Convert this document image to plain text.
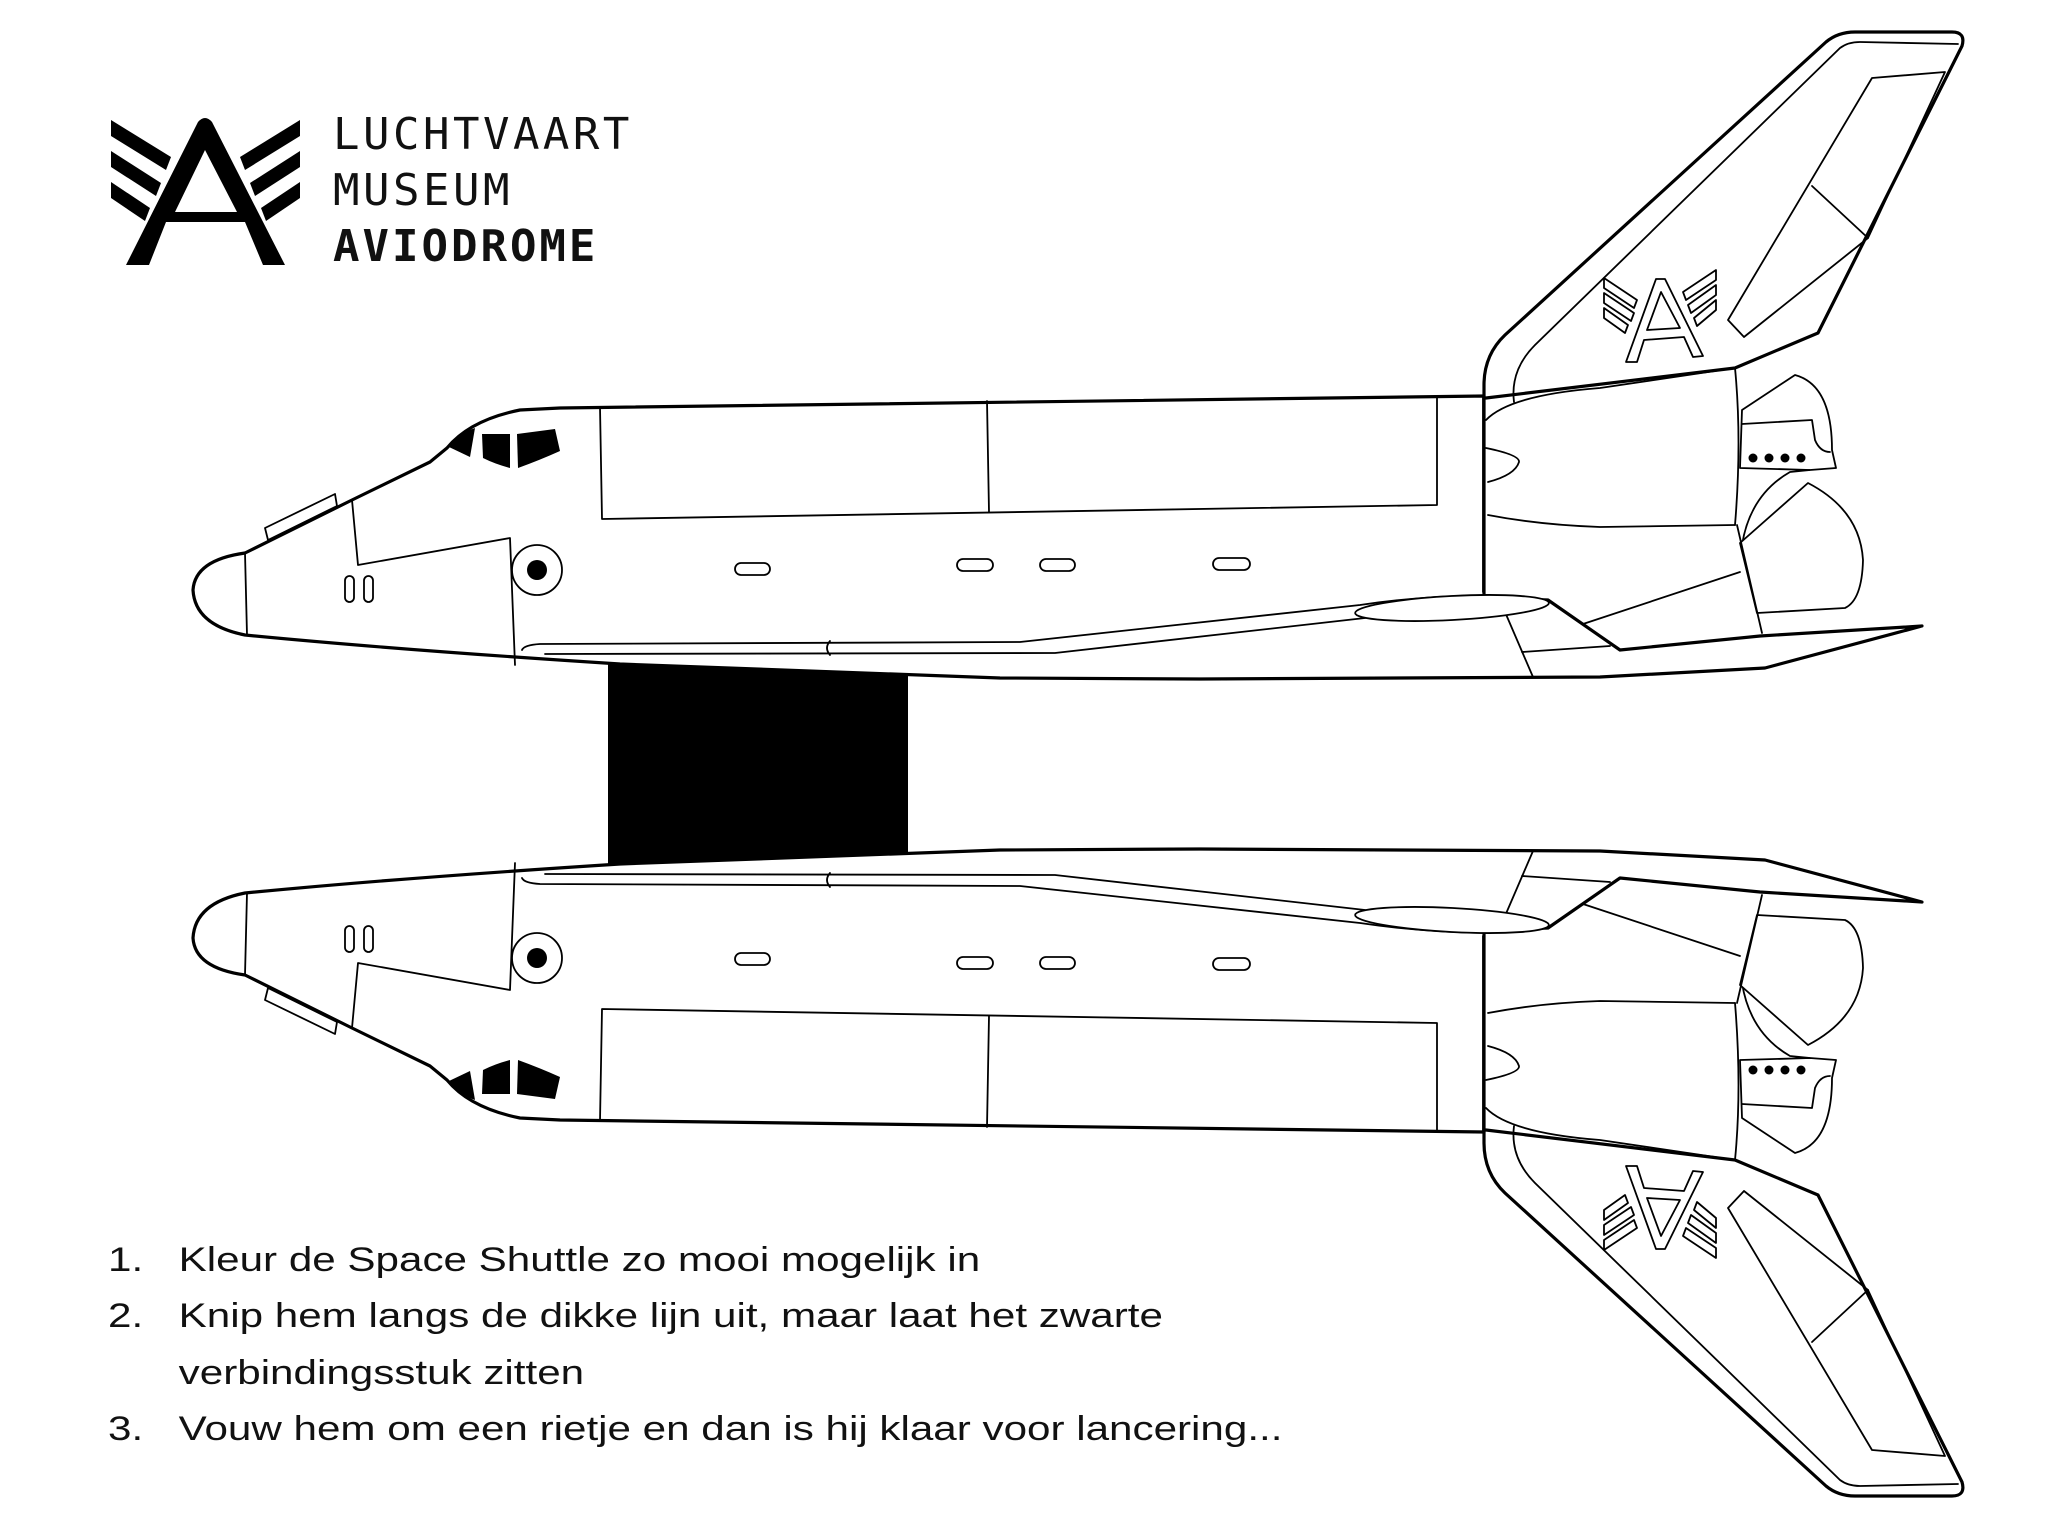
LUCHTVAART
MUSEUM
AVIODROME
1. Kleur de Space Shuttle zo mooi mogelijk in
2. Knip hem langs de dikke lijn uit, maar laat het zwarte
verbindingsstuk zitten
3. Vouw hem om een rietje en dan is hij klaar voor lancering...
